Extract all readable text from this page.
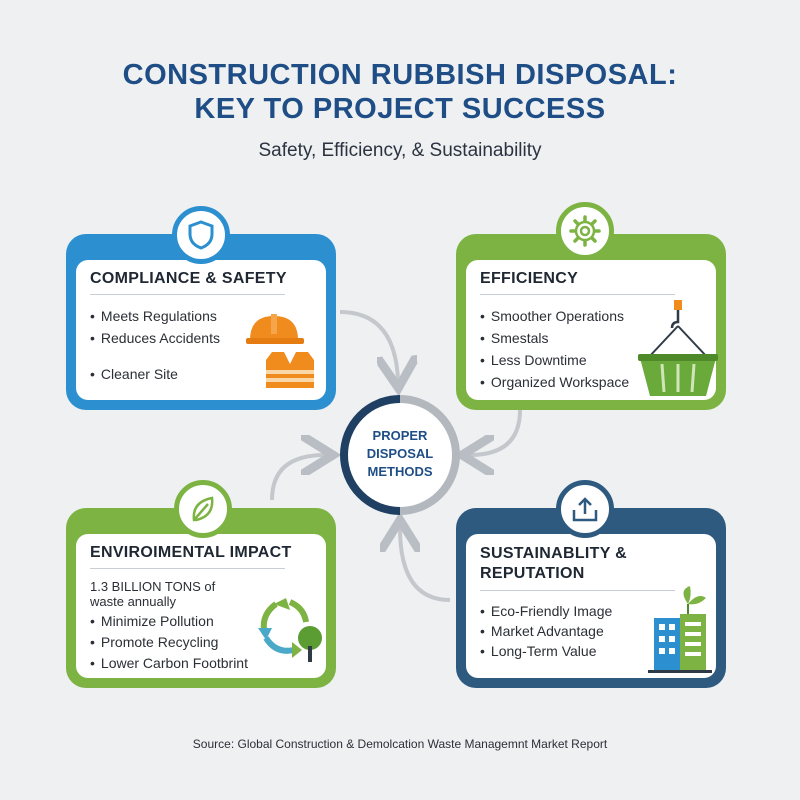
CONSTRUCTION RUBBISH DISPOSAL:
KEY TO PROJECT SUCCESS
Safety, Efficiency, & Sustainability
PROPER
DISPOSAL
METHODS
COMPLIANCE & SAFETY
• Meets Regulations
• Reduces Accidents
• Cleaner Site
EFFICIENCY
• Smoother Operations
• Smestals
• Less Downtime
• Organized Workspace
ENVIROIMENTAL IMPACT
1.3 BILLION TONS of waste annually
• Minimize Pollution
• Promote Recycling
• Lower Carbon Footbrint
SUSTAINABLITY &
REPUTATION
• Eco-Friendly Image
• Market Advantage
• Long-Term Value
Source: Global Construction & Demolcation Waste Managemnt Market Report
